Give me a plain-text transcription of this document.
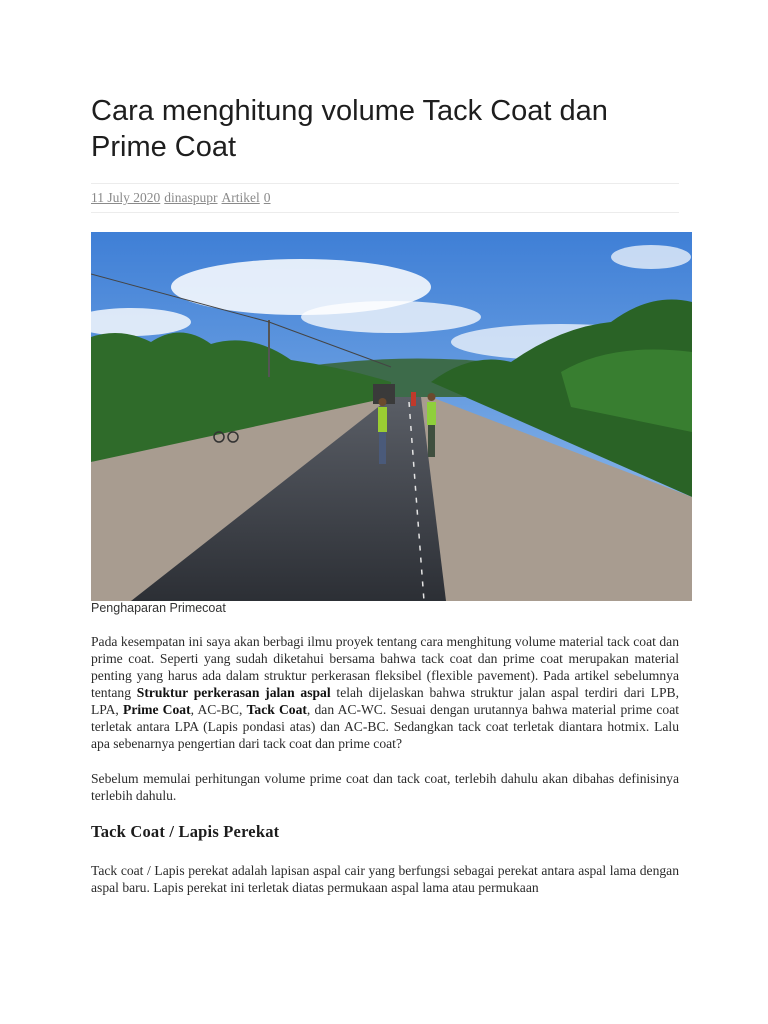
Cara menghitung volume Tack Coat dan Prime Coat
11 July 2020 dinaspupr Artikel 0
Penghaparan Primecoat

Pada kesempatan ini saya akan berbagi ilmu proyek tentang cara menghitung volume material tack coat dan prime coat. Seperti yang sudah diketahui bersama bahwa tack coat dan prime coat merupakan material penting yang harus ada dalam struktur perkerasan fleksibel (flexible pavement). Pada artikel sebelumnya tentang Struktur perkerasan jalan aspal telah dijelaskan bahwa struktur jalan aspal terdiri dari LPB, LPA, Prime Coat, AC-BC, Tack Coat, dan AC-WC. Sesuai dengan urutannya bahwa material prime coat terletak antara LPA (Lapis pondasi atas) dan AC-BC. Sedangkan tack coat terletak diantara hotmix. Lalu apa sebenarnya pengertian dari tack coat dan prime coat?

Sebelum memulai perhitungan volume prime coat dan tack coat, terlebih dahulu akan dibahas definisinya terlebih dahulu.

Tack Coat / Lapis Perekat

Tack coat / Lapis perekat adalah lapisan aspal cair yang berfungsi sebagai perekat antara aspal lama dengan aspal baru. Lapis perekat ini terletak diatas permukaan aspal lama atau permukaan
